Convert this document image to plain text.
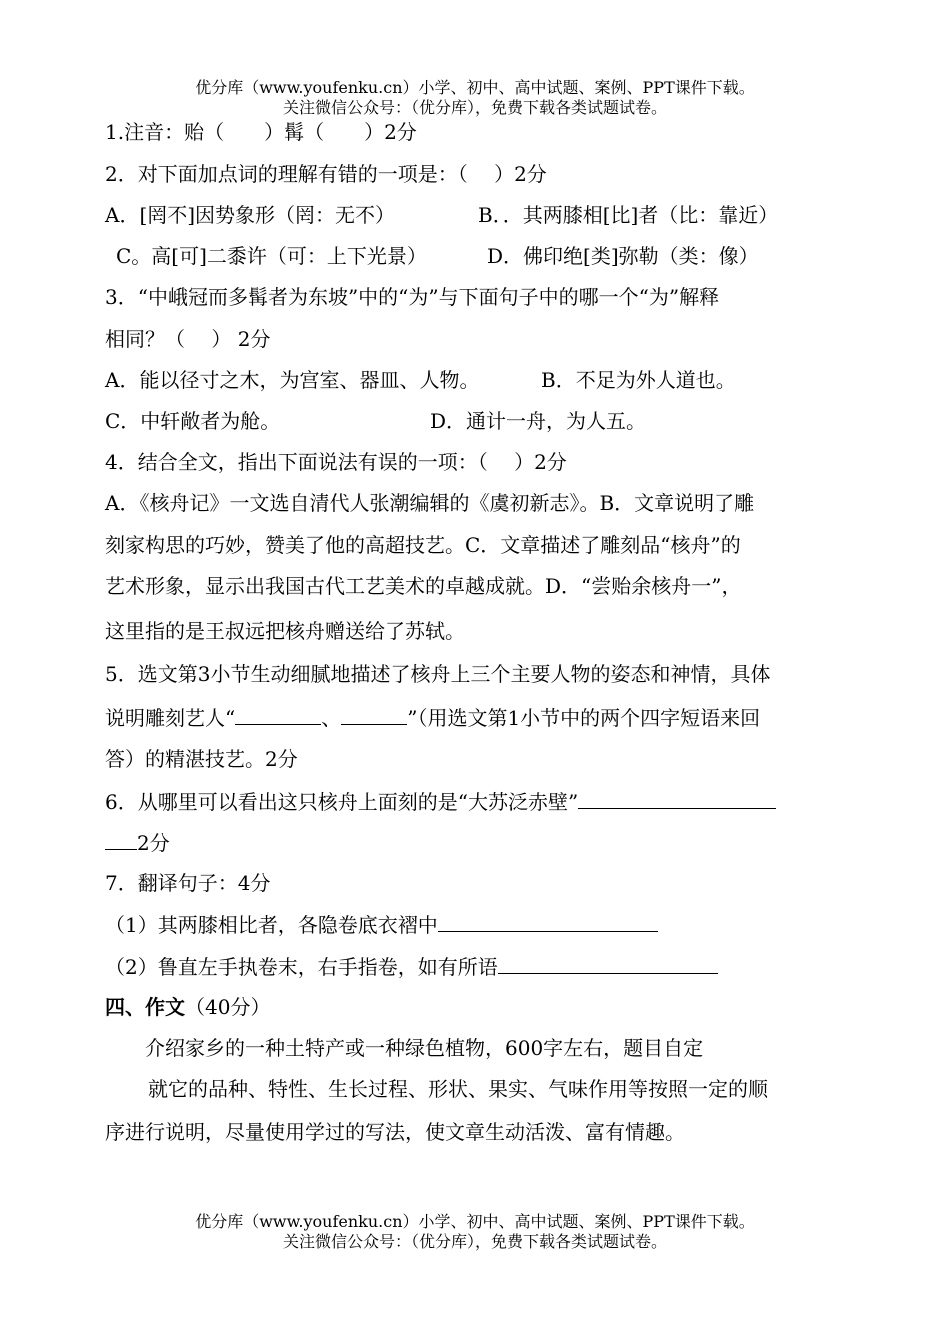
优分库（www.youfenku.cn）小学、初中、高中试题、案例、PPT课件下载。
关注微信公众号：（优分库），免费下载各类试题试卷。
1.注音：贻（　　）髯（　　）2分
2．对下面加点词的理解有错的一项是：（　 ）2分
A．[罔不]因势象形（罔：无不）	B．．其两膝相[比]者（比：靠近）
C。高[可]二黍许（可：上下光景）	D．佛印绝[类]弥勒（类：像）
3．“中峨冠而多髯者为东坡”中的“为”与下面句子中的哪一个“为”解释
相同？（　 ） 2分
A．能以径寸之木，为宫室、器皿、人物。	B．不足为外人道也。
C．中轩敞者为舱。	D．通计一舟，为人五。
4．结合全文，指出下面说法有误的一项：（　 ）2分
A．《核舟记》一文选自清代人张潮编辑的《虞初新志》。B．文章说明了雕
刻家构思的巧妙，赞美了他的高超技艺。C．文章描述了雕刻品“核舟”的
艺术形象，显示出我国古代工艺美术的卓越成就。D．“尝贻余核舟一”，
这里指的是王叔远把核舟赠送给了苏轼。
5．选文第3小节生动细腻地描述了核舟上三个主要人物的姿态和神情，具体
说明雕刻艺人“	、	”（用选文第1小节中的两个四字短语来回
答）的精湛技艺。2分
6．从哪里可以看出这只核舟上面刻的是“大苏泛赤壁”
2分
7．翻译句子：4分
（1）其两膝相比者，各隐卷底衣褶中
（2）鲁直左手执卷末，右手指卷，如有所语
四、作文（40分）
介绍家乡的一种土特产或一种绿色植物，600字左右，题目自定
就它的品种、特性、生长过程、形状、果实、气味作用等按照一定的顺
序进行说明，尽量使用学过的写法，使文章生动活泼、富有情趣。
优分库（www.youfenku.cn）小学、初中、高中试题、案例、PPT课件下载。
关注微信公众号：（优分库），免费下载各类试题试卷。
